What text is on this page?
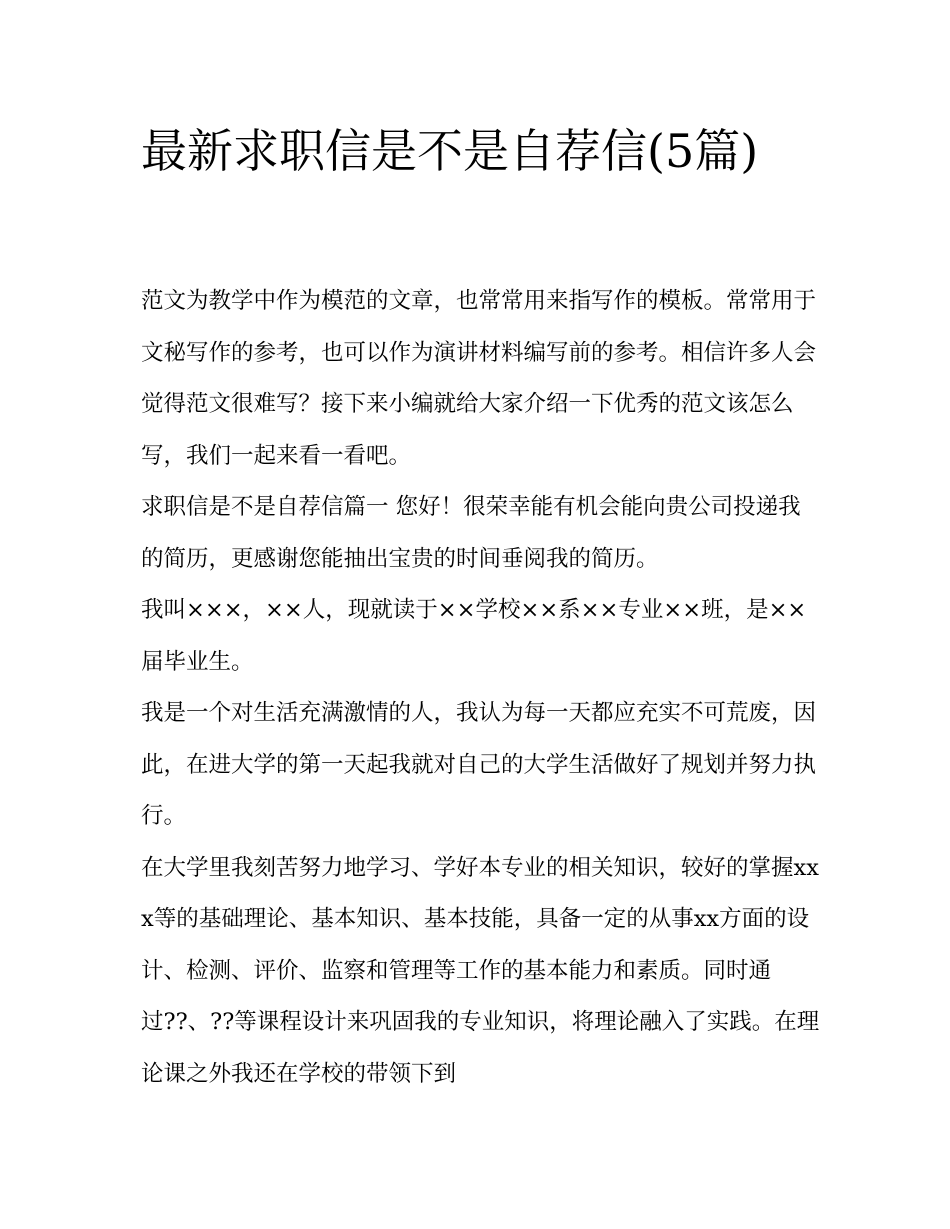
最新求职信是不是自荐信(5篇)

范文为教学中作为模范的文章，也常常用来指写作的模板。常常用于文秘写作的参考，也可以作为演讲材料编写前的参考。相信许多人会觉得范文很难写？接下来小编就给大家介绍一下优秀的范文该怎么写，我们一起来看一看吧。

求职信是不是自荐信篇一 您好！很荣幸能有机会能向贵公司投递我的简历，更感谢您能抽出宝贵的时间垂阅我的简历。

我叫×××，××人，现就读于××学校××系××专业××班，是××届毕业生。

我是一个对生活充满激情的人，我认为每一天都应充实不可荒废，因此，在进大学的第一天起我就对自己的大学生活做好了规划并努力执行。

在大学里我刻苦努力地学习、学好本专业的相关知识，较好的掌握xxx等的基础理论、基本知识、基本技能，具备一定的从事xx方面的设计、检测、评价、监察和管理等工作的基本能力和素质。同时通过??、??等课程设计来巩固我的专业知识，将理论融入了实践。在理论课之外我还在学校的带领下到
